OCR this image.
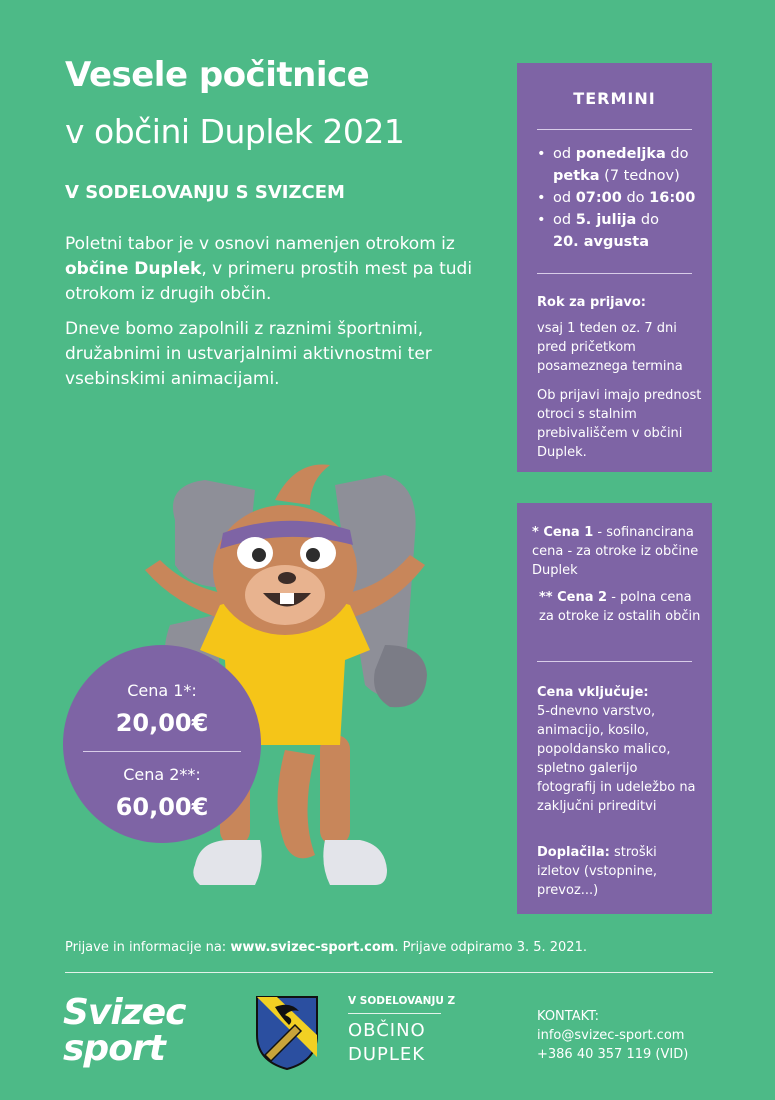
Vesele počitnice
v občini Duplek 2021
V SODELOVANJU S SVIZCEM
Poletni tabor je v osnovi namenjen otrokom iz občine Duplek, v primeru prostih mest pa tudi otrokom iz drugih občin.
Dneve bomo zapolnili z raznimi športnimi, družabnimi in ustvarjalnimi aktivnostmi ter vsebinskimi animacijami.
TERMINI
• od ponedeljka do petka (7 tednov)
• od 07:00 do 16:00
• od 5. julija do
20. avgusta
Rok za prijavo:
vsaj 1 teden oz. 7 dni pred pričetkom posameznega termina
Ob prijavi imajo prednost otroci s stalnim prebivališčem v občini Duplek.
* Cena 1 - sofinancirana cena - za otroke iz občine Duplek
** Cena 2 - polna cena za otroke iz ostalih občin
Cena vključuje:
5-dnevno varstvo, animacijo, kosilo, popoldansko malico, spletno galerijo fotografij in udeležbo na zaključni prireditvi
Doplačila: stroški izletov (vstopnine, prevoz...)
Cena 1*:
20,00€
Cena 2**:
60,00€
Prijave in informacije na: www.svizec-sport.com. Prijave odpiramo 3. 5. 2021.
Svizec
sport
V SODELOVANJU Z
OBČINO
DUPLEK
KONTAKT:
info@svizec-sport.com
+386 40 357 119 (VID)
